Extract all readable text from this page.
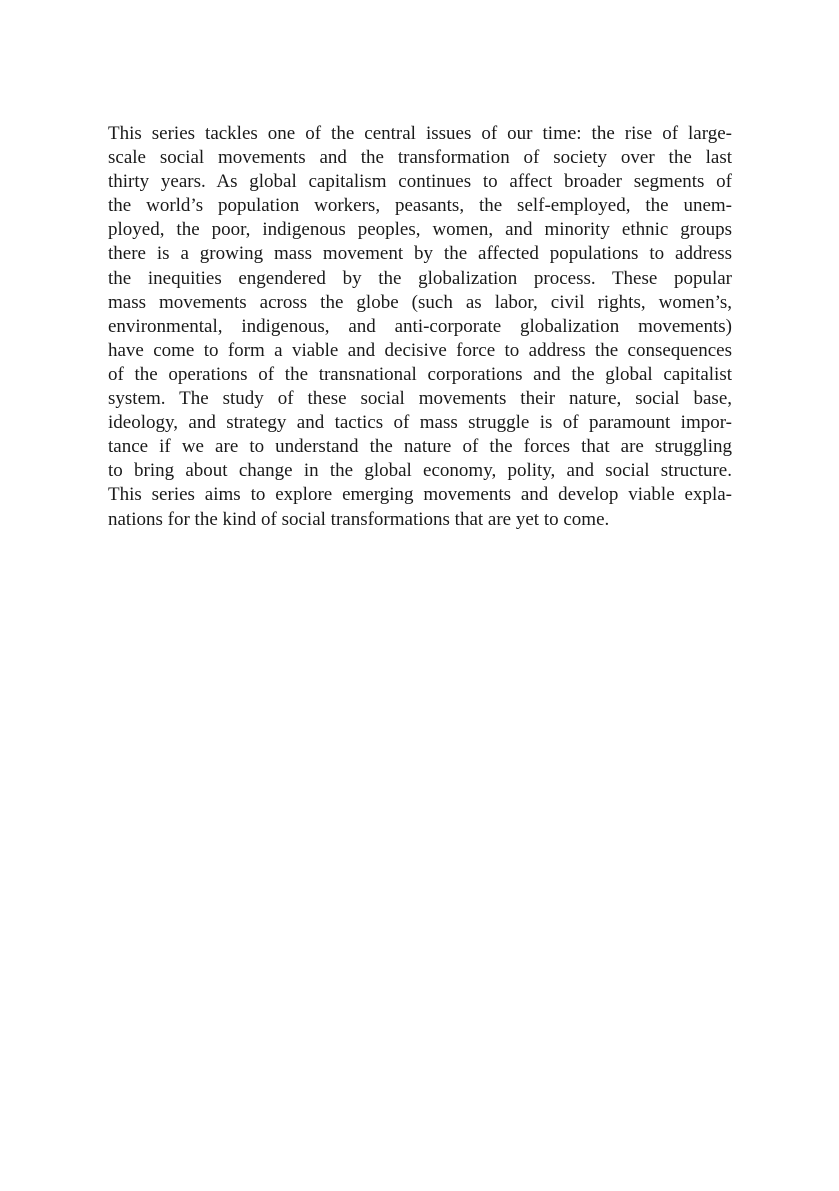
This series tackles one of the central issues of our time: the rise of large-
scale social movements and the transformation of society over the last
thirty years. As global capitalism continues to affect broader segments of
the world’s population workers, peasants, the self-employed, the unem-
ployed, the poor, indigenous peoples, women, and minority ethnic groups
there is a growing mass movement by the affected populations to address
the inequities engendered by the globalization process. These popular
mass movements across the globe (such as labor, civil rights, women’s,
environmental, indigenous, and anti-corporate globalization movements)
have come to form a viable and decisive force to address the consequences
of the operations of the transnational corporations and the global capitalist
system. The study of these social movements their nature, social base,
ideology, and strategy and tactics of mass struggle is of paramount impor-
tance if we are to understand the nature of the forces that are struggling
to bring about change in the global economy, polity, and social structure.
This series aims to explore emerging movements and develop viable expla-
nations for the kind of social transformations that are yet to come.
